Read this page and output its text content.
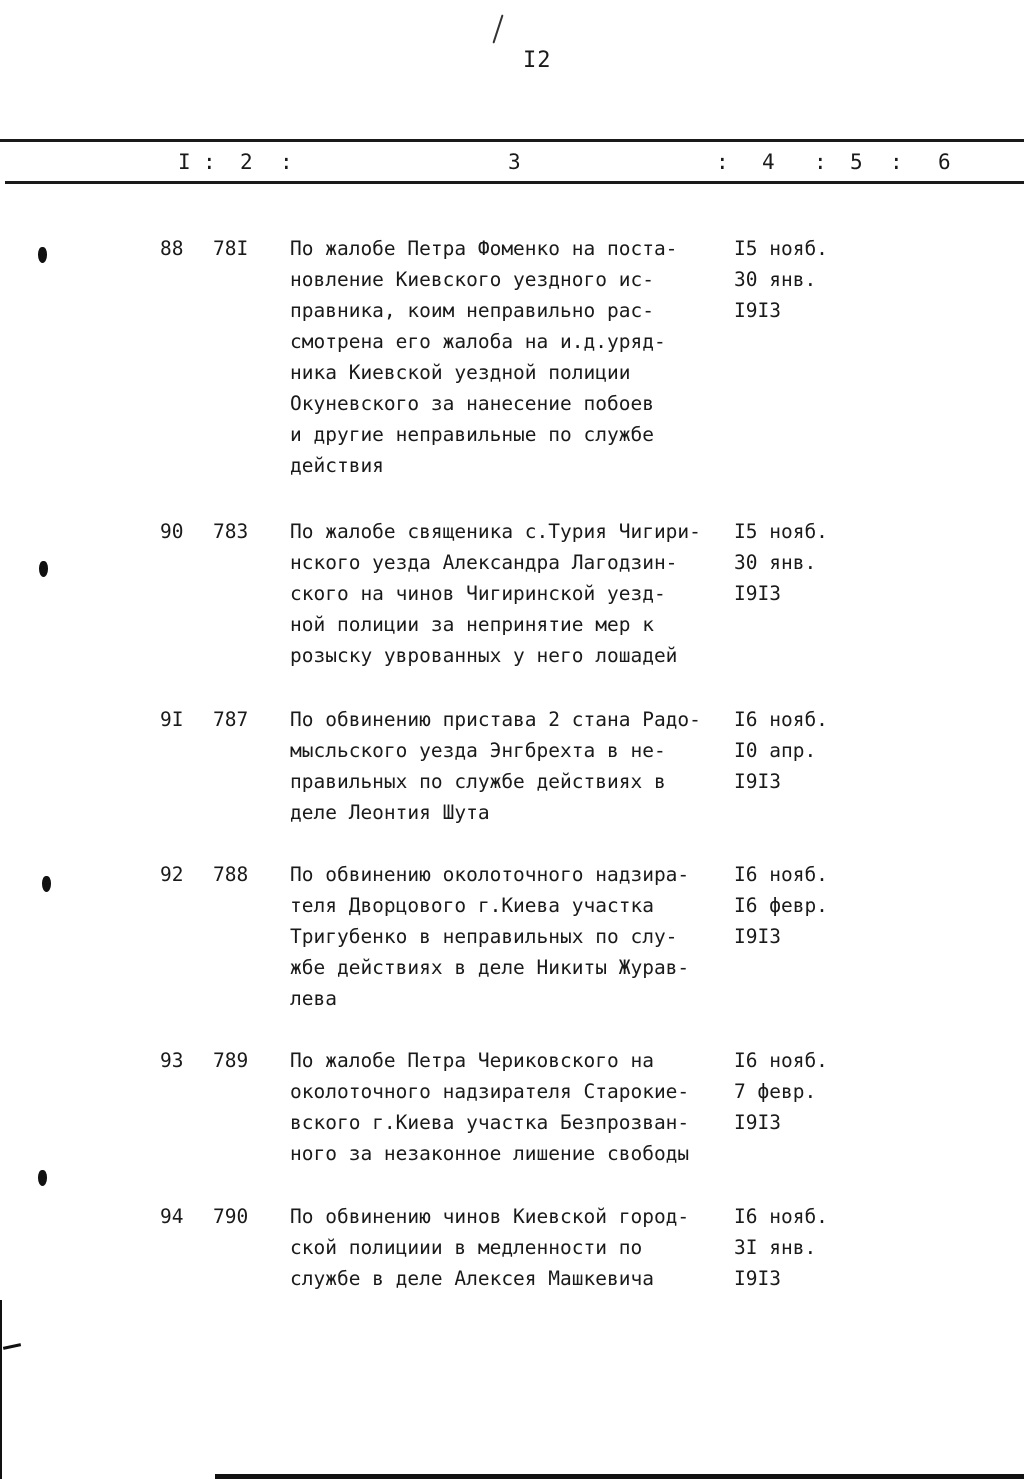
I2
I : 2 :	3	: 4 : 5 : 6
88 78I По жалобе Петра Фоменко на поста-
новление Киевского уездного ис-
правника, коим неправильно рас-
смотрена его жалоба на и.д.уряд-
ника Киевской уездной полиции
Окуневского за нанесение побоев
и другие неправильные по службе
действия
I5 нояб.
30 янв.
I9I3
90 783 По жалобе священика с.Турия Чигири-
нского уезда Александра Лагодзин-
ского на чинов Чигиринской уезд-
ной полиции за непринятие мер к
розыску уврованных у него лошадей
I5 нояб.
30 янв.
I9I3
9I 787 По обвинению пристава 2 стана Радо-
мысльского уезда Энгбрехта в не-
правильных по службе действиях в
деле Леонтия Шута
I6 нояб.
I0 апр.
I9I3
92 788 По обвинению околоточного надзира-
теля Дворцового г.Киева участка
Тригубенко в неправильных по слу-
жбе действиях в деле Никиты Журав-
лева
I6 нояб.
I6 февр.
I9I3
93 789 По жалобе Петра Чериковского на
околоточного надзирателя Старокие-
вского г.Киева участка Безпрозван-
ного за незаконное лишение свободы
I6 нояб.
7 февр.
I9I3
94 790 По обвинению чинов Киевской город-
ской полициии в медленности по
службе в деле Алексея Машкевича
I6 нояб.
3I янв.
I9I3
